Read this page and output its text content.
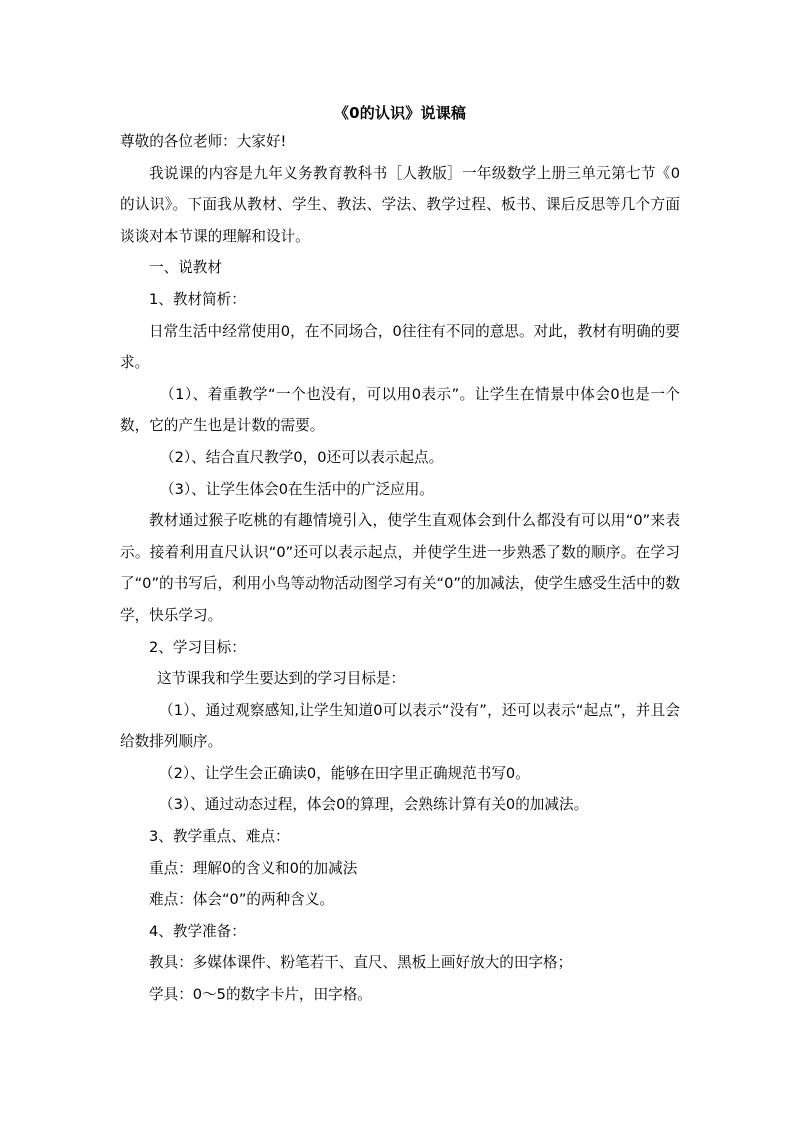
《0的认识》说课稿

尊敬的各位老师：大家好!

我说课的内容是九年义务教育教科书［人教版］一年级数学上册三单元第七节《0的认识》。下面我从教材、学生、教法、学法、教学过程、板书、课后反思等几个方面谈谈对本节课的理解和设计。

一、说教材

1、教材简析：

日常生活中经常使用0，在不同场合，0往往有不同的意思。对此，教材有明确的要求。

（1）、着重教学“一个也没有，可以用0表示”。让学生在情景中体会0也是一个数，它的产生也是计数的需要。

（2）、结合直尺教学0，0还可以表示起点。

（3）、让学生体会0在生活中的广泛应用。

教材通过猴子吃桃的有趣情境引入，使学生直观体会到什么都没有可以用“0”来表示。接着利用直尺认识“0”还可以表示起点，并使学生进一步熟悉了数的顺序。在学习了“0”的书写后，利用小鸟等动物活动图学习有关“0”的加减法，使学生感受生活中的数学，快乐学习。

2、学习目标：

这节课我和学生要达到的学习目标是：

（1）、通过观察感知,让学生知道0可以表示“没有”，还可以表示“起点”，并且会给数排列顺序。

（2）、让学生会正确读0，能够在田字里正确规范书写0。

（3）、通过动态过程，体会0的算理，会熟练计算有关0的加减法。

3、教学重点、难点：

重点：理解0的含义和0的加减法

难点：体会“0”的两种含义。

4、教学准备：

教具：多媒体课件、粉笔若干、直尺、黑板上画好放大的田字格；

学具：0～5的数字卡片，田字格。
